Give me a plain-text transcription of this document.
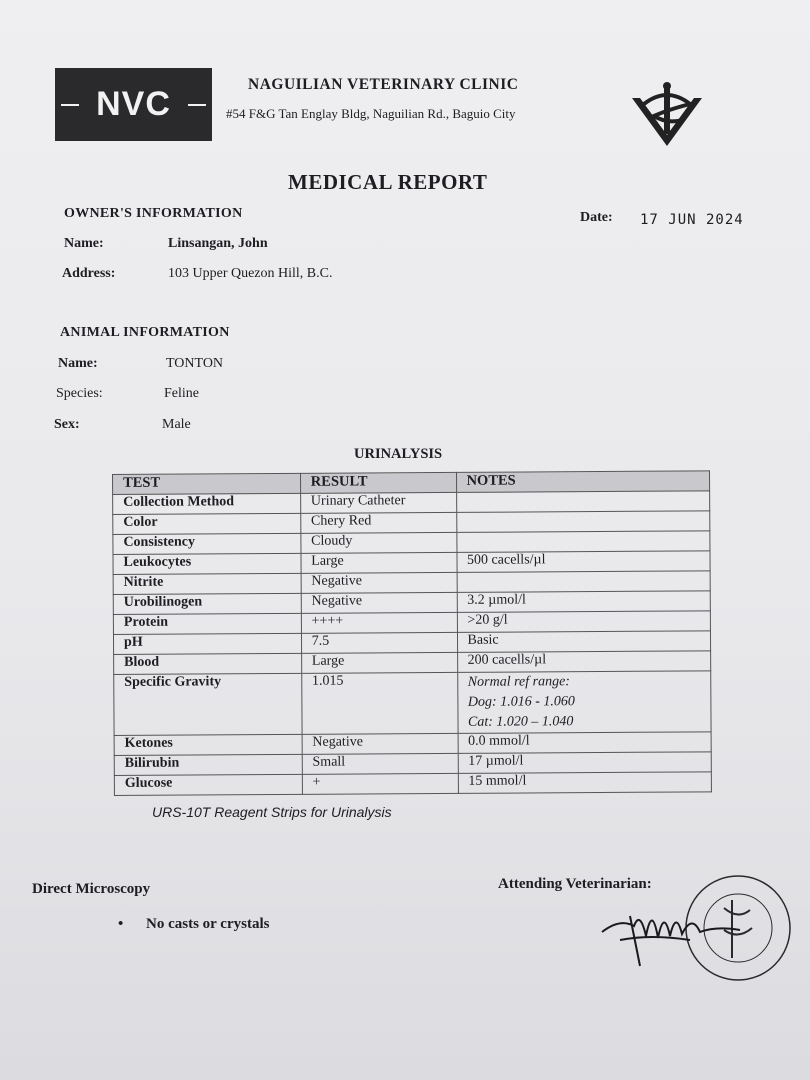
NVC
NAGUILIAN VETERINARY CLINIC
#54 F&G Tan Englay Bldg, Naguilian Rd., Baguio City
MEDICAL REPORT
OWNER'S INFORMATION	Date: 17 JUN 2024
Name:	Linsangan, John
Address:	103 Upper Quezon Hill, B.C.
ANIMAL INFORMATION
Name:	TONTON
Species:	Feline
Sex:	Male
URINALYSIS
TEST	RESULT	NOTES
Collection Method	Urinary Catheter	
Color	Chery Red	
Consistency	Cloudy	
Leukocytes	Large	500 cacells/µl
Nitrite	Negative	
Urobilinogen	Negative	3.2 µmol/l
Protein	++++	>20 g/l
pH	7.5	Basic
Blood	Large	200 cacells/µl
Specific Gravity	1.015	Normal ref range:
Dog: 1.016 - 1.060
Cat: 1.020 – 1.040

Ketones	Negative	0.0 mmol/l
Bilirubin	Small	17 µmol/l
Glucose	+	15 mmol/l
URS-10T Reagent Strips for Urinalysis
Direct Microscopy
• No casts or crystals
Attending Veterinarian:
